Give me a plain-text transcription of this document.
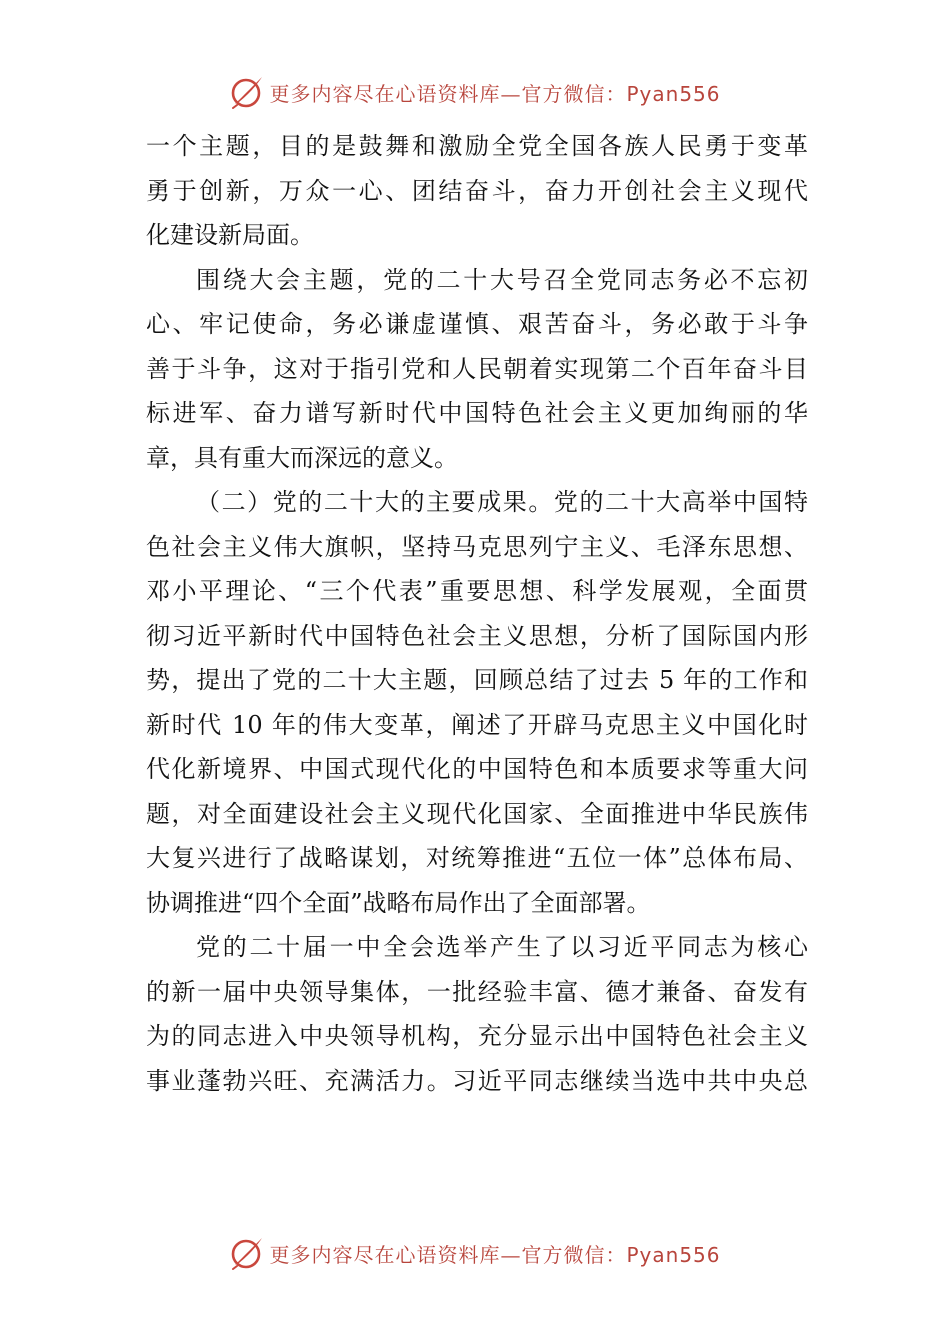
更多内容尽在心语资料库—官方微信：Pyan556
一个主题，目的是鼓舞和激励全党全国各族人民勇于变革
勇于创新，万众一心、团结奋斗，奋力开创社会主义现代
化建设新局面。
围绕大会主题，党的二十大号召全党同志务必不忘初
心、牢记使命，务必谦虚谨慎、艰苦奋斗，务必敢于斗争
善于斗争，这对于指引党和人民朝着实现第二个百年奋斗目
标进军、奋力谱写新时代中国特色社会主义更加绚丽的华
章，具有重大而深远的意义。
（二）党的二十大的主要成果。党的二十大高举中国特
色社会主义伟大旗帜，坚持马克思列宁主义、毛泽东思想、
邓小平理论、“三个代表”重要思想、科学发展观，全面贯
彻习近平新时代中国特色社会主义思想，分析了国际国内形
势，提出了党的二十大主题，回顾总结了过去 5 年的工作和
新时代 10 年的伟大变革，阐述了开辟马克思主义中国化时
代化新境界、中国式现代化的中国特色和本质要求等重大问
题，对全面建设社会主义现代化国家、全面推进中华民族伟
大复兴进行了战略谋划，对统筹推进“五位一体”总体布局、
协调推进“四个全面”战略布局作出了全面部署。
党的二十届一中全会选举产生了以习近平同志为核心
的新一届中央领导集体，一批经验丰富、德才兼备、奋发有
为的同志进入中央领导机构，充分显示出中国特色社会主义
事业蓬勃兴旺、充满活力。习近平同志继续当选中共中央总
更多内容尽在心语资料库—官方微信：Pyan556
